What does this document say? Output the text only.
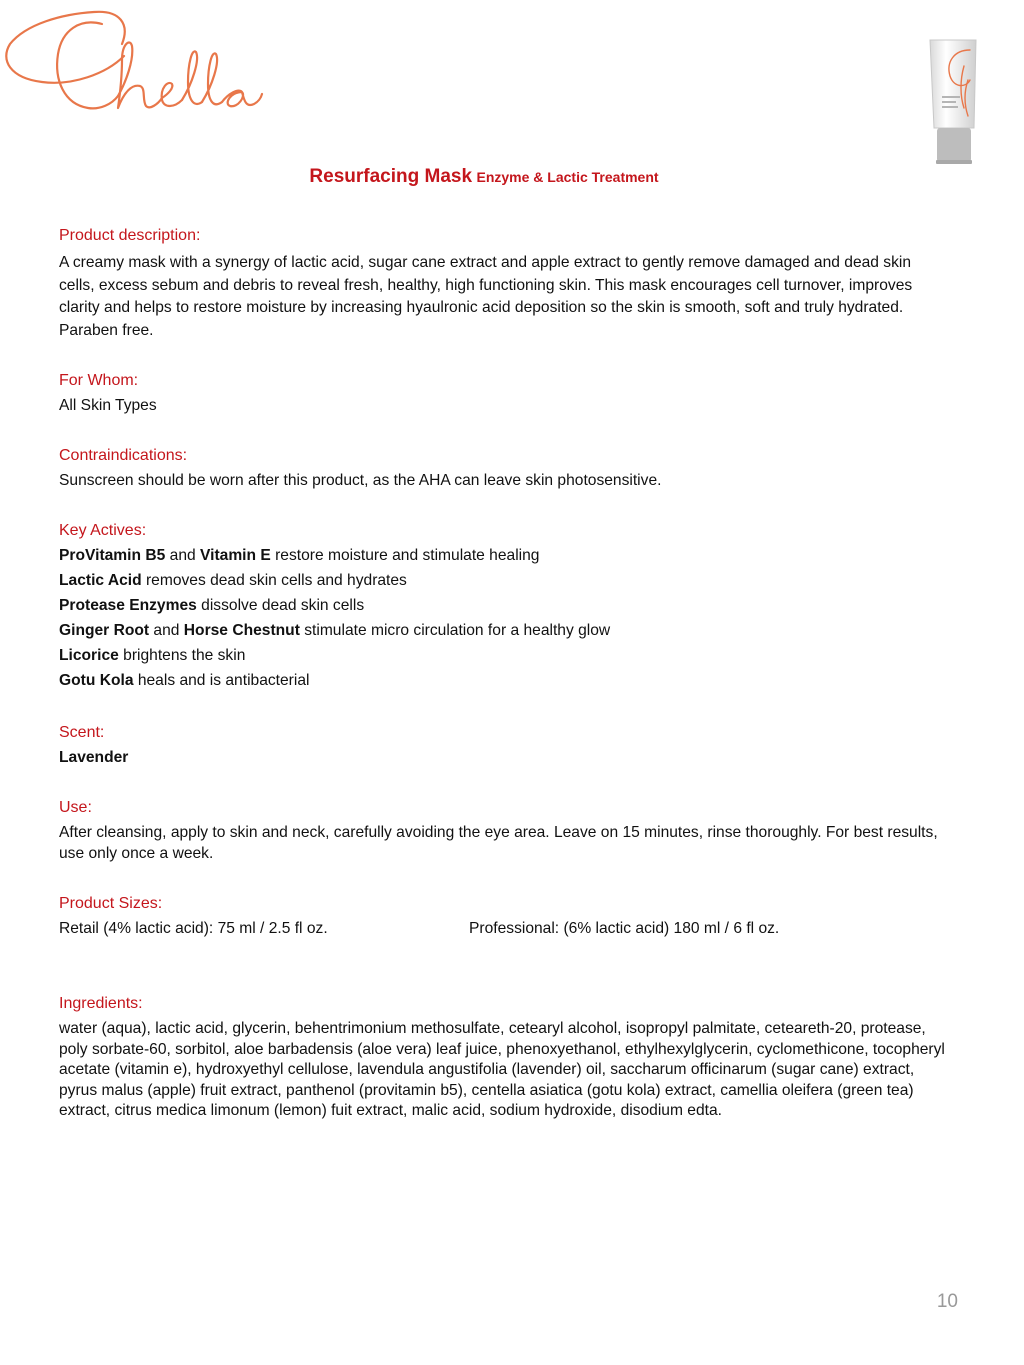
Resurfacing Mask Enzyme & Lactic Treatment

Product description:

A creamy mask with a synergy of lactic acid, sugar cane extract and apple extract to gently remove damaged and dead skin cells, excess sebum and debris to reveal fresh, healthy, high functioning skin. This mask encourages cell turnover, improves clarity and helps to restore moisture by increasing hyaulronic acid deposition so the skin is smooth, soft and truly hydrated. Paraben free.

For Whom:

All Skin Types

Contraindications:

Sunscreen should be worn after this product, as the AHA can leave skin photosensitive.

Key Actives:

ProVitamin B5 and Vitamin E restore moisture and stimulate healing

Lactic Acid removes dead skin cells and hydrates

Protease Enzymes dissolve dead skin cells

Ginger Root and Horse Chestnut stimulate micro circulation for a healthy glow

Licorice brightens the skin

Gotu Kola heals and is antibacterial

Scent:

Lavender

Use:

After cleansing, apply to skin and neck, carefully avoiding the eye area. Leave on 15 minutes, rinse thoroughly. For best results, use only once a week.

Product Sizes:

Retail (4% lactic acid): 75 ml / 2.5 fl oz.	Professional: (6% lactic acid) 180 ml / 6 fl oz.

Ingredients:

water (aqua), lactic acid, glycerin, behentrimonium methosulfate, cetearyl alcohol, isopropyl palmitate, ceteareth-20, protease, poly sorbate-60, sorbitol, aloe barbadensis (aloe vera) leaf juice, phenoxyethanol, ethylhexylglycerin, cyclomethicone, tocopheryl acetate (vitamin e), hydroxyethyl cellulose, lavendula angustifolia (lavender) oil, saccharum officinarum (sugar cane) extract, pyrus malus (apple) fruit extract, panthenol (provitamin b5), centella asiatica (gotu kola) extract, camellia oleifera (green tea) extract, citrus medica limonum (lemon) fuit extract, malic acid, sodium hydroxide, disodium edta.

10
